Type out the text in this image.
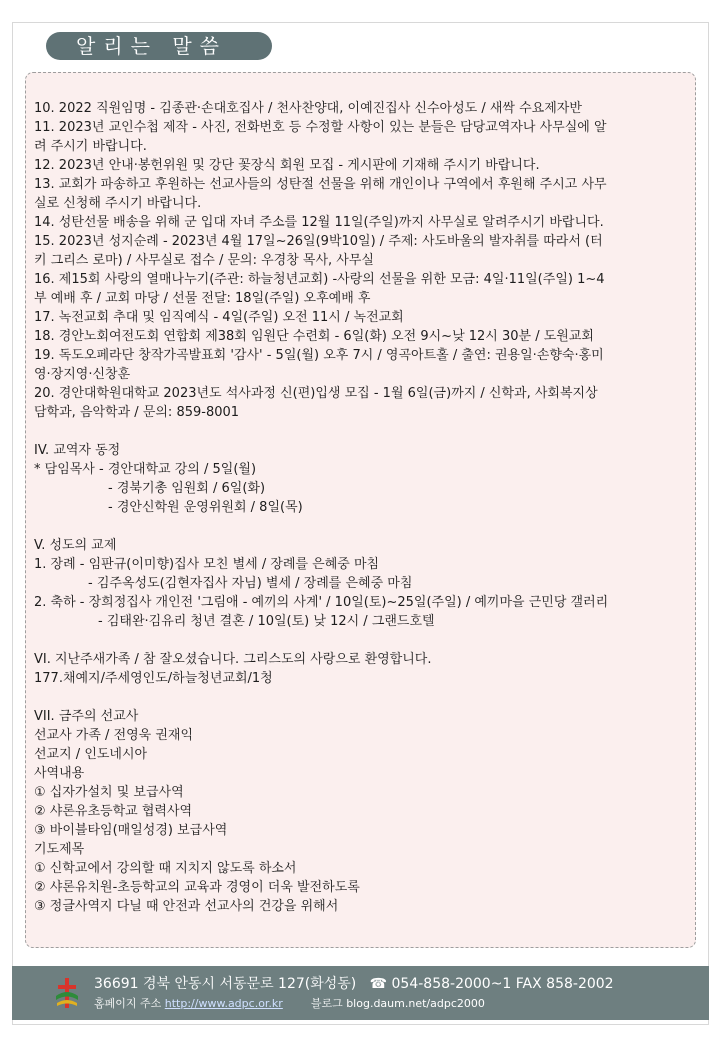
알리는 말씀
10. 2022 직원임명 - 김종관·손대호집사 / 천사찬양대, 이예진집사 신수아성도 / 새싹 수요제자반
11. 2023년 교인수첩 제작 - 사진, 전화번호 등 수정할 사항이 있는 분들은 담당교역자나 사무실에 알
려 주시기 바랍니다.
12. 2023년 안내·봉헌위원 및 강단 꽃장식 회원 모집 - 게시판에 기재해 주시기 바랍니다.
13. 교회가 파송하고 후원하는 선교사들의 성탄절 선물을 위해 개인이나 구역에서 후원해 주시고 사무
실로 신청해 주시기 바랍니다.
14. 성탄선물 배송을 위해 군 입대 자녀 주소를 12월 11일(주일)까지 사무실로 알려주시기 바랍니다.
15. 2023년 성지순례 - 2023년 4월 17일~26일(9박10일) / 주제: 사도바울의 발자취를 따라서 (터
키 그리스 로마) / 사무실로 접수 / 문의: 우경창 목사, 사무실
16. 제15회 사랑의 열매나누기(주관: 하늘청년교회) -사랑의 선물을 위한 모금: 4일·11일(주일) 1~4
부 예배 후 / 교회 마당 / 선물 전달: 18일(주일) 오후예배 후
17. 녹전교회 추대 및 임직예식 - 4일(주일) 오전 11시 / 녹전교회
18. 경안노회여전도회 연합회 제38회 임원단 수련회 - 6일(화) 오전 9시~낮 12시 30분 / 도원교회
19. 독도오페라단 창작가곡발표회 '감사' - 5일(월) 오후 7시 / 영곡아트홀 / 출연: 권용일·손향숙·홍미
영·장지영·신창훈
20. 경안대학원대학교 2023년도 석사과정 신(편)입생 모집 - 1월 6일(금)까지 / 신학과, 사회복지상
담학과, 음악학과 / 문의: 859-8001
IV. 교역자 동정
* 담임목사 - 경안대학교 강의 / 5일(월)
- 경북기총 임원회 / 6일(화)
- 경안신학원 운영위원회 / 8일(목)
V. 성도의 교제
1. 장례 - 임판규(이미향)집사 모친 별세 / 장례를 은혜중 마침
- 김주옥성도(김현자집사 자님) 별세 / 장례를 은혜중 마침
2. 축하 - 장희정집사 개인전 '그림애 - 예끼의 사계' / 10일(토)~25일(주일) / 예끼마을 근민당 갤러리
- 김태완·김유리 청년 결혼 / 10일(토) 낮 12시 / 그랜드호텔
VI. 지난주새가족 / 참 잘오셨습니다. 그리스도의 사랑으로 환영합니다.
177.채예지/주세영인도/하늘청년교회/1청
VII. 금주의 선교사
선교사 가족 / 전영욱 권재익
선교지 / 인도네시아
사역내용
① 십자가설치 및 보급사역
② 샤론유초등학교 협력사역
③ 바이블타임(매일성경) 보급사역
기도제목
① 신학교에서 강의할 때 지치지 않도록 하소서
② 샤론유치원-초등학교의 교육과 경영이 더욱 발전하도록
③ 정글사역지 다닐 때 안전과 선교사의 건강을 위해서
36691 경북 안동시 서동문로 127(화성동) ☎ 054-858-2000~1 FAX 858-2002
홈페이지 주소 http://www.adpc.or.kr	블로그 blog.daum.net/adpc2000
